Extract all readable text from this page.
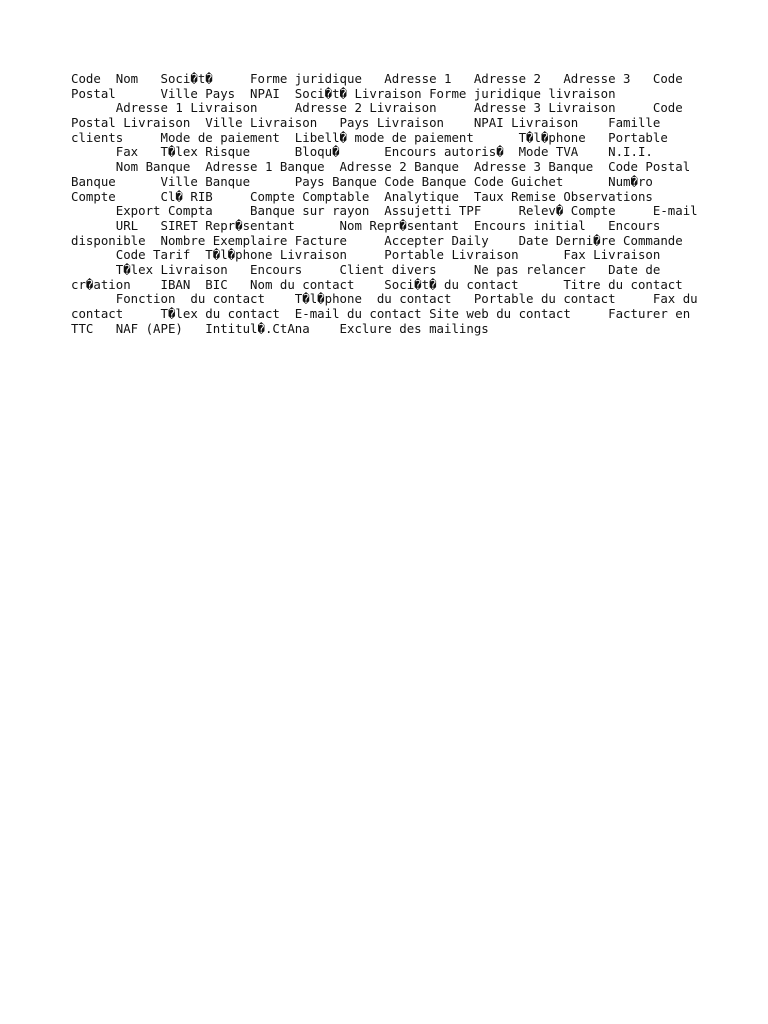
Code  Nom   Soci�t�     Forme juridique   Adresse 1   Adresse 2   Adresse 3   Code
Postal      Ville Pays  NPAI  Soci�t� Livraison Forme juridique livraison
Adresse 1 Livraison     Adresse 2 Livraison     Adresse 3 Livraison     Code
Postal Livraison  Ville Livraison   Pays Livraison    NPAI Livraison    Famille
clients     Mode de paiement  Libell� mode de paiement      T�l�phone   Portable
Fax   T�lex Risque      Bloqu�      Encours autoris�  Mode TVA    N.I.I.
Nom Banque  Adresse 1 Banque  Adresse 2 Banque  Adresse 3 Banque  Code Postal
Banque      Ville Banque      Pays Banque Code Banque Code Guichet      Num�ro
Compte      Cl� RIB     Compte Comptable  Analytique  Taux Remise Observations
Export Compta     Banque sur rayon  Assujetti TPF     Relev� Compte     E-mail
URL   SIRET Repr�sentant      Nom Repr�sentant  Encours initial   Encours
disponible  Nombre Exemplaire Facture     Accepter Daily    Date Derni�re Commande
Code Tarif  T�l�phone Livraison     Portable Livraison      Fax Livraison
T�lex Livraison   Encours     Client divers     Ne pas relancer   Date de
cr�ation    IBAN  BIC   Nom du contact    Soci�t� du contact      Titre du contact
Fonction  du contact    T�l�phone  du contact   Portable du contact     Fax du
contact     T�lex du contact  E-mail du contact Site web du contact     Facturer en
TTC   NAF (APE)   Intitul�.CtAna    Exclure des mailings
